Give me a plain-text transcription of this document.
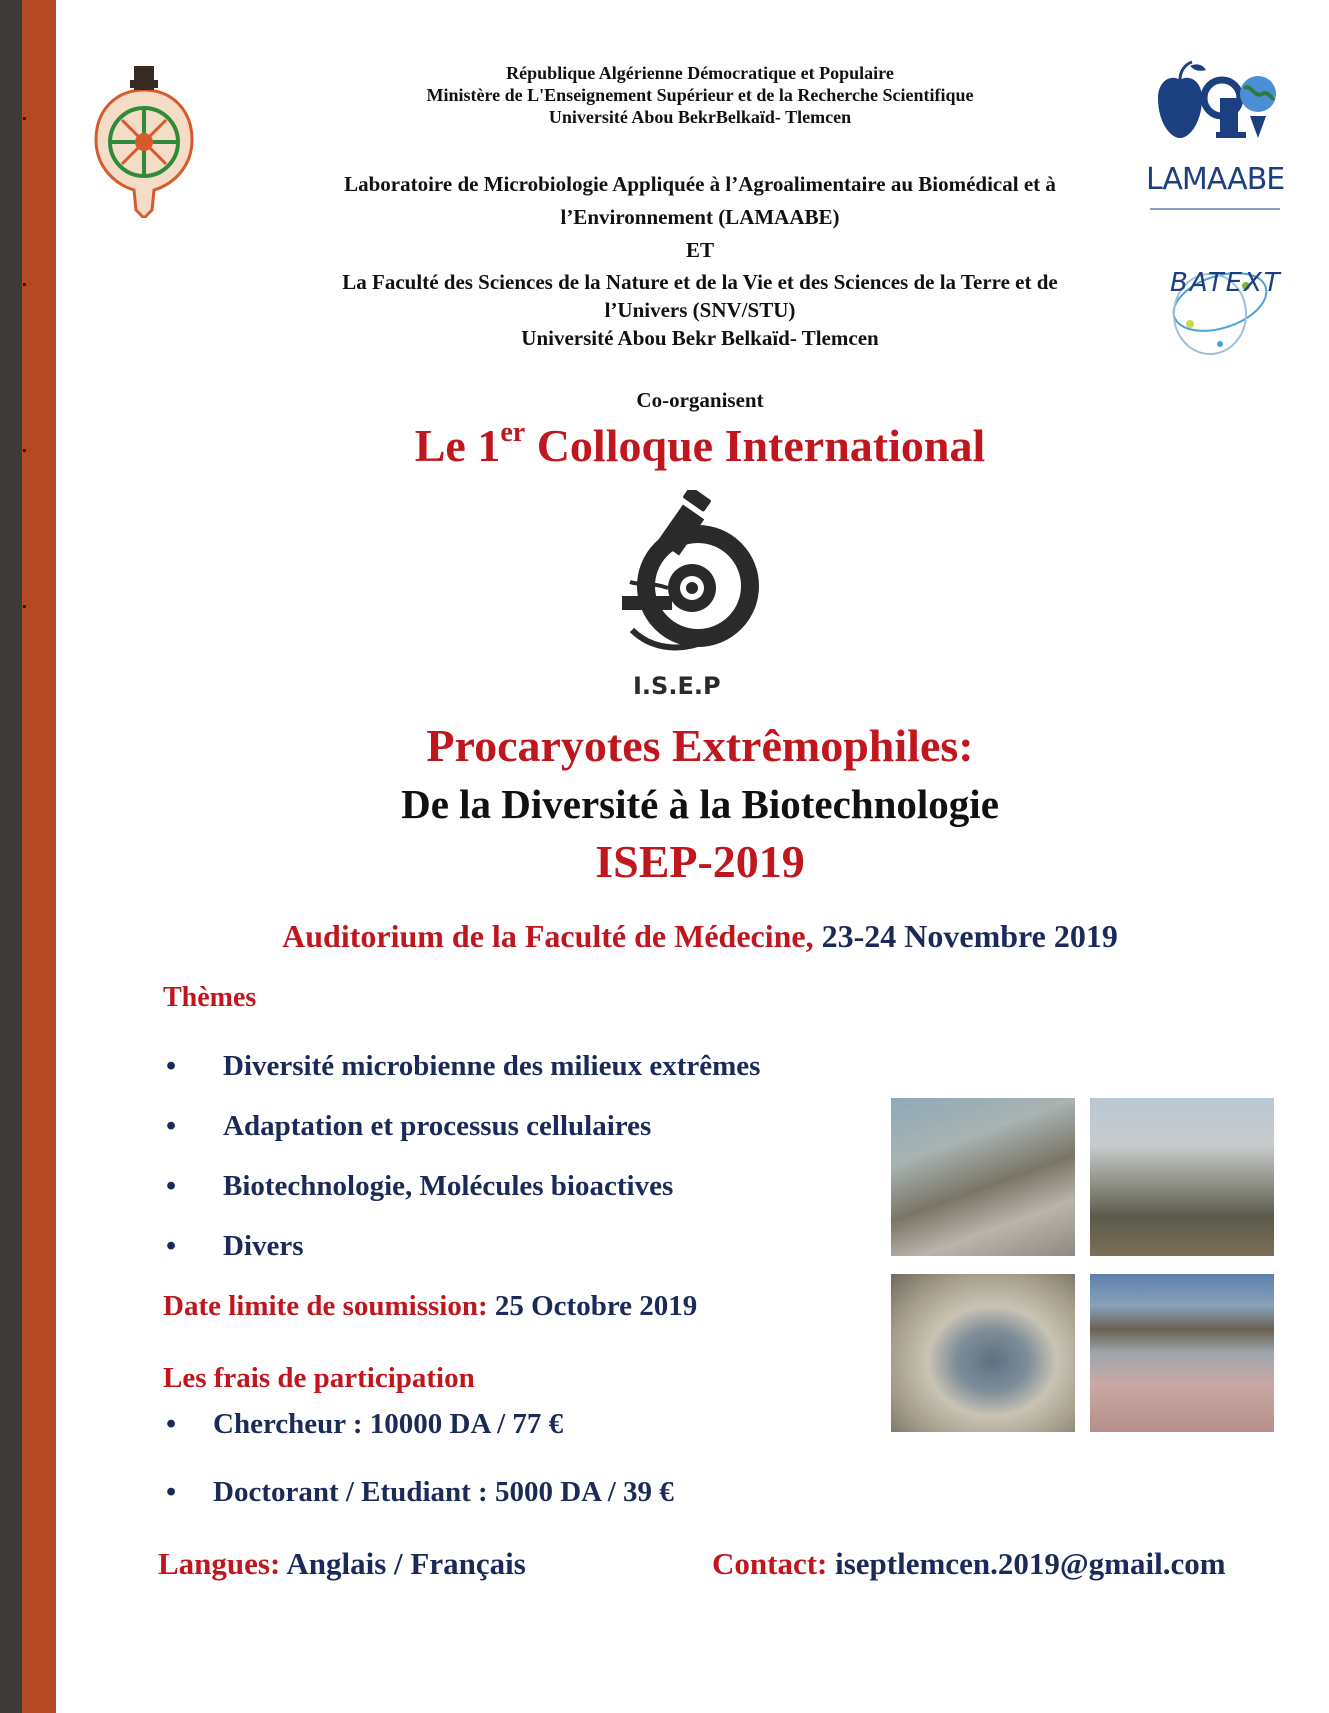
LAMAABE
BATEXT
République Algérienne Démocratique et Populaire
Ministère de L'Enseignement Supérieur et de la Recherche Scientifique
Université Abou BekrBelkaïd- Tlemcen
Laboratoire de Microbiologie Appliquée à l’Agroalimentaire au Biomédical et à
l’Environnement (LAMAABE)
ET
La Faculté des Sciences de la Nature et de la Vie et des Sciences de la Terre et de
l’Univers (SNV/STU)
Université Abou Bekr Belkaïd- Tlemcen
Co-organisent
Le 1er Colloque International
I.S.E.P
Procaryotes Extrêmophiles:
De la Diversité à la Biotechnologie
ISEP-2019
Auditorium de la Faculté de Médecine, 23-24 Novembre 2019
Thèmes
• Diversité microbienne des milieux extrêmes
• Adaptation et processus cellulaires
• Biotechnologie, Molécules bioactives
• Divers
Date limite de soumission: 25 Octobre 2019
Les frais de participation
• Chercheur : 10000 DA / 77 €
• Doctorant / Etudiant : 5000 DA / 39 €
Langues: Anglais / Français	Contact: iseptlemcen.2019@gmail.com
